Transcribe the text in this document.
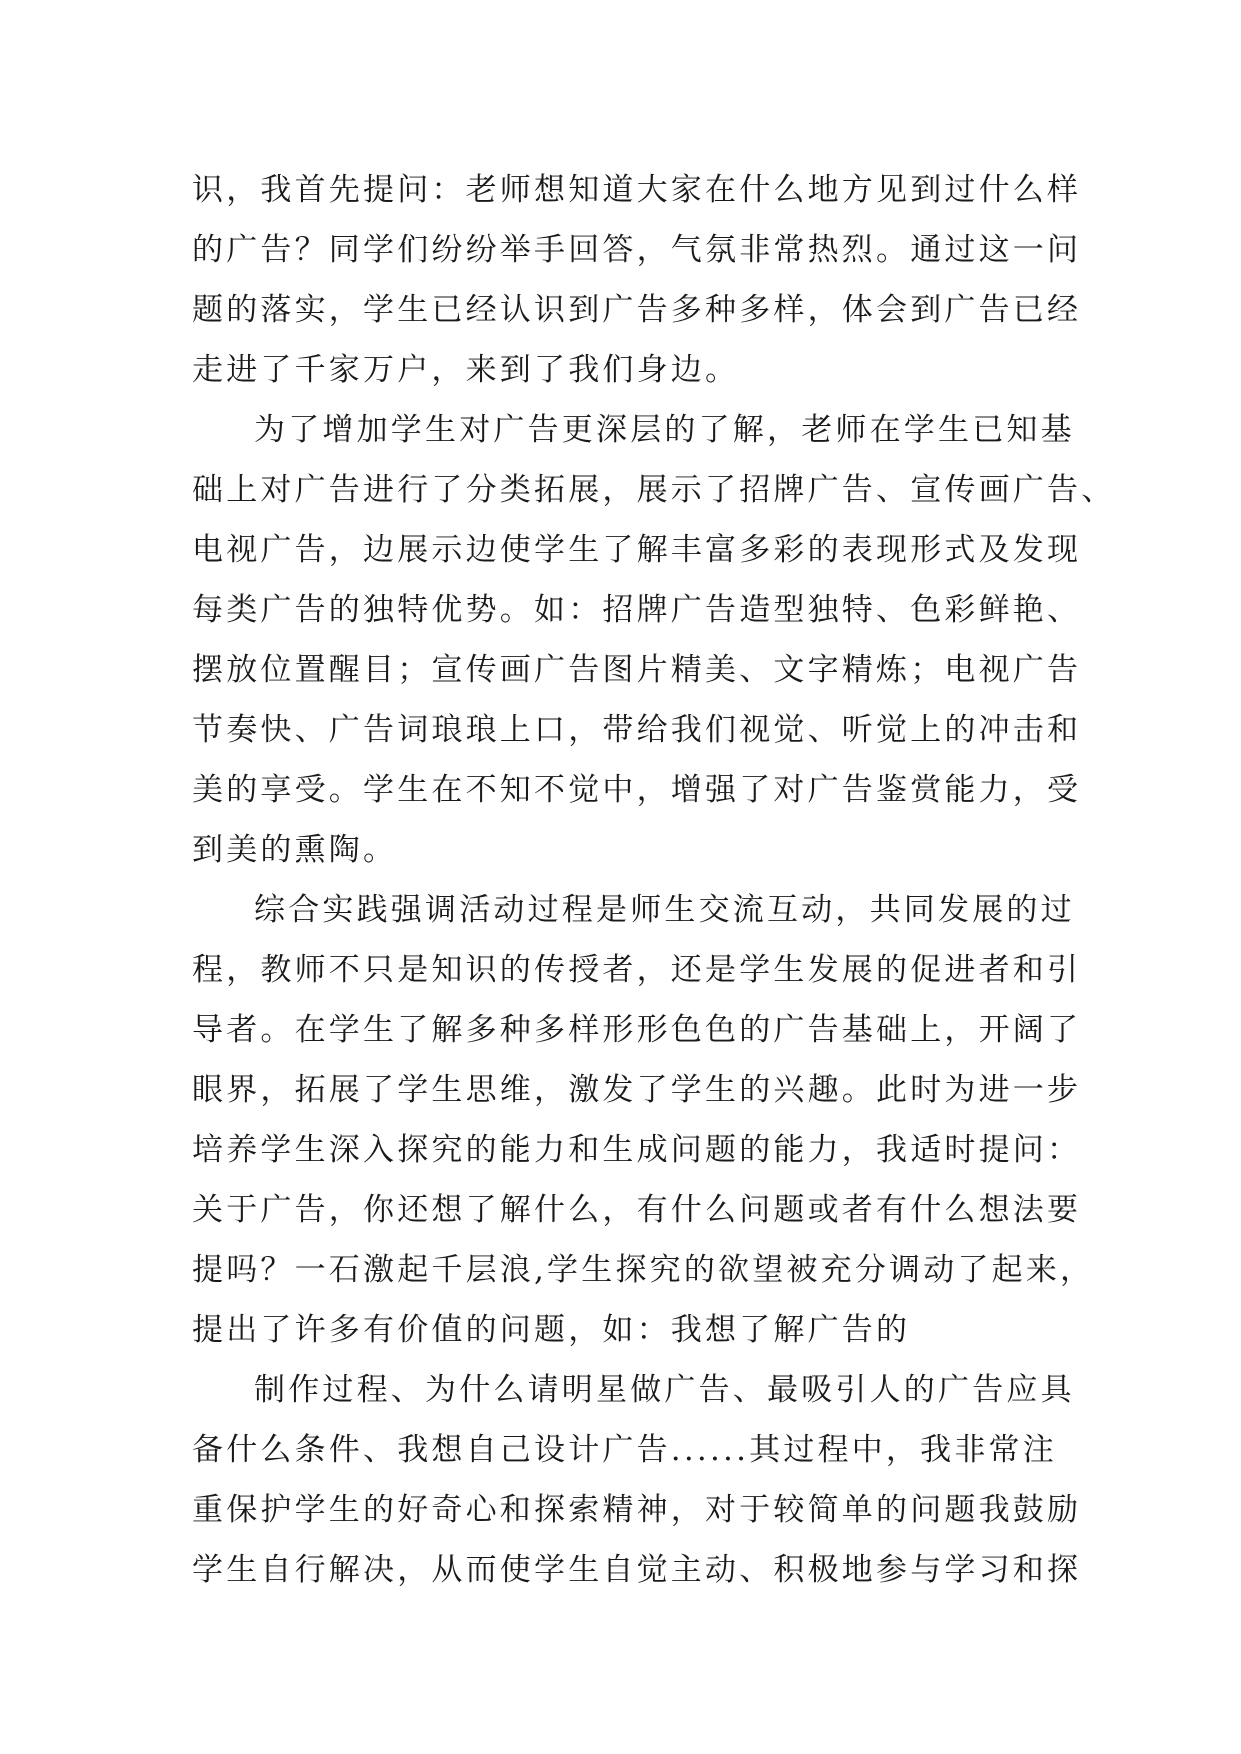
识，我首先提问：老师想知道大家在什么地方见到过什么样
的广告？同学们纷纷举手回答，气氛非常热烈。通过这一问
题的落实，学生已经认识到广告多种多样，体会到广告已经
走进了千家万户，来到了我们身边。
为了增加学生对广告更深层的了解，老师在学生已知基
础上对广告进行了分类拓展，展示了招牌广告、宣传画广告、
电视广告，边展示边使学生了解丰富多彩的表现形式及发现
每类广告的独特优势。如：招牌广告造型独特、色彩鲜艳、
摆放位置醒目；宣传画广告图片精美、文字精炼；电视广告
节奏快、广告词琅琅上口，带给我们视觉、听觉上的冲击和
美的享受。学生在不知不觉中，增强了对广告鉴赏能力，受
到美的熏陶。
综合实践强调活动过程是师生交流互动，共同发展的过
程，教师不只是知识的传授者，还是学生发展的促进者和引
导者。在学生了解多种多样形形色色的广告基础上，开阔了
眼界，拓展了学生思维，激发了学生的兴趣。此时为进一步
培养学生深入探究的能力和生成问题的能力，我适时提问：
关于广告，你还想了解什么，有什么问题或者有什么想法要
提吗？一石激起千层浪,学生探究的欲望被充分调动了起来，
提出了许多有价值的问题，如：我想了解广告的
制作过程、为什么请明星做广告、最吸引人的广告应具
备什么条件、我想自己设计广告......其过程中，我非常注
重保护学生的好奇心和探索精神，对于较简单的问题我鼓励
学生自行解决，从而使学生自觉主动、积极地参与学习和探
